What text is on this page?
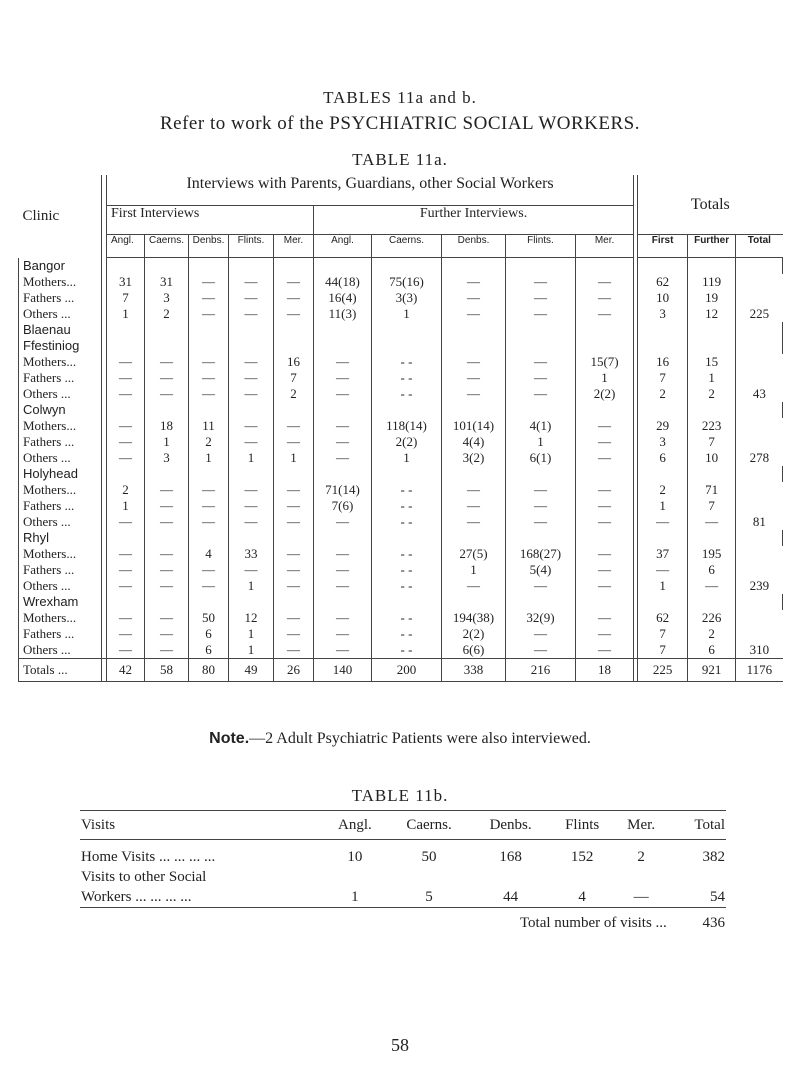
TABLES 11a and b.
Refer to work of the PSYCHIATRIC SOCIAL WORKERS.
TABLE 11a.
Clinic		Interviews with Parents, Guardians, other Social Workers											Totals			
		First Interviews					Further Interviews.									
		Angl.	Caerns.	Denbs.	Flints.	Mer.	Angl.	Caerns.	Denbs.	Flints.	Mer.		First	Further	Total	
Bangor																
Mothers...		31	31	—	—	—	44(18)	75(16)	—	—	—		62	119		
Fathers ...		7	3	—	—	—	16(4)	3(3)	—	—	—		10	19		
Others ...		1	2	—	—	—	11(3)	1	—	—	—		3	12	225	
Blaenau																
Ffestiniog																
Mothers...		—	—	—	—	16	—	- -	—	—	15(7)		16	15		
Fathers ...		—	—	—	—	7	—	- -	—	—	1		7	1		
Others ...		—	—	—	—	2	—	- -	—	—	2(2)		2	2	43	
Colwyn																
Mothers...		—	18	11	—	—	—	118(14)	101(14)	4(1)	—		29	223		
Fathers ...		—	1	2	—	—	—	2(2)	4(4)	1	—		3	7		
Others ...		—	3	1	1	1	—	1	3(2)	6(1)	—		6	10	278	
Holyhead																
Mothers...		2	—	—	—	—	71(14)	- -	—	—	—		2	71		
Fathers ...		1	—	—	—	—	7(6)	- -	—	—	—		1	7		
Others ...		—	—	—	—	—	—	- -	—	—	—		—	—	81	
Rhyl																
Mothers...		—	—	4	33	—	—	- -	27(5)	168(27)	—		37	195		
Fathers ...		—	—	—	—	—	—	- -	1	5(4)	—		—	6		
Others ...		—	—	—	1	—	—	- -	—	—	—		1	—	239	
Wrexham																
Mothers...		—	—	50	12	—	—	- -	194(38)	32(9)	—		62	226		
Fathers ...		—	—	6	1	—	—	- -	2(2)	—	—		7	2		
Others ...		—	—	6	1	—	—	- -	6(6)	—	—		7	6	310	
Totals ...		42	58	80	49	26	140	200	338	216	18		225	921	1176	
Note.—2 Adult Psychiatric Patients were also interviewed.
TABLE 11b.
Visits	Angl.	Caerns.	Denbs.	Flints	Mer.	Total
Home Visits ... ... ... ...	10	50	168	152	2	382
Visits to other Social						
Workers ... ... ... ...	1	5	44	4	—	54
Total number of visits ...						436
58
